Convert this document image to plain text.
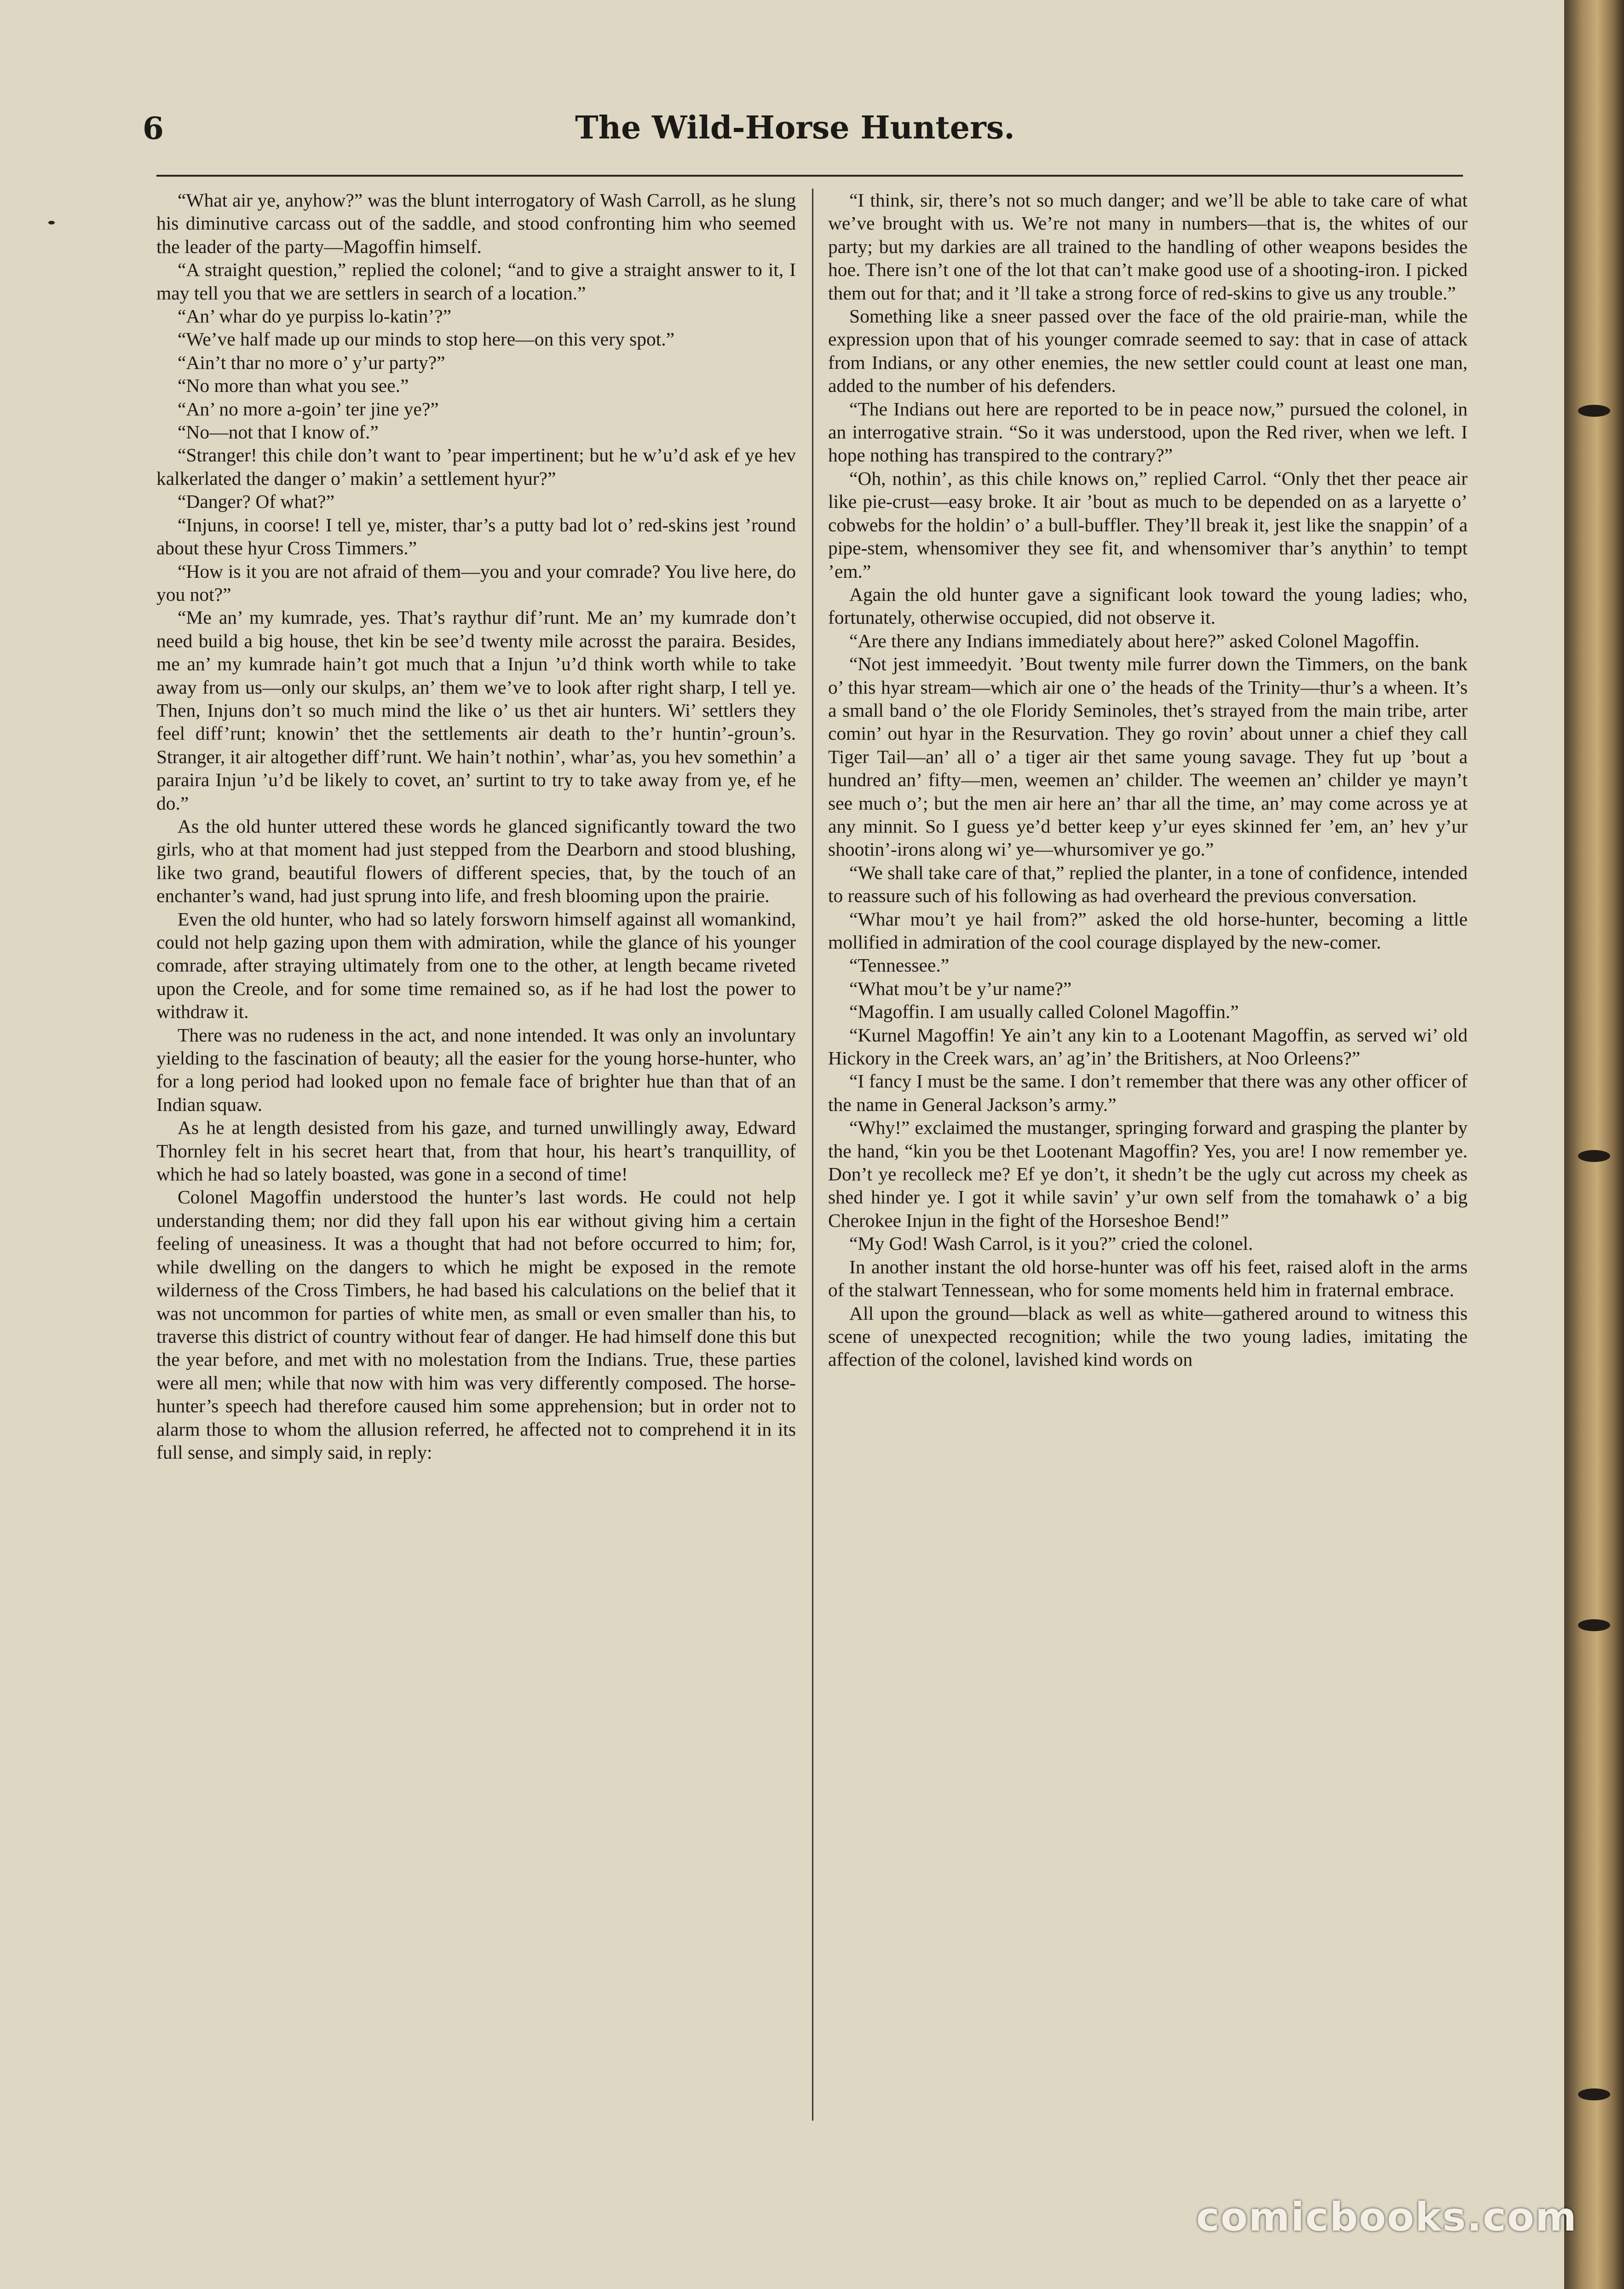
6	The Wild-Horse Hunters.

“What air ye, anyhow?” was the blunt interrogatory of Wash Carroll, as he slung his diminutive carcass out of the saddle, and stood confronting him who seemed the leader of the party—Magoffin himself.

“A straight question,” replied the colonel; “and to give a straight answer to it, I may tell you that we are settlers in search of a location.”

“An’ whar do ye purpiss lo-katin’?”

“We’ve half made up our minds to stop here—on this very spot.”

“Ain’t thar no more o’ y’ur party?”

“No more than what you see.”

“An’ no more a-goin’ ter jine ye?”

“No—not that I know of.”

“Stranger! this chile don’t want to ’pear impertinent; but he w’u’d ask ef ye hev kalkerlated the danger o’ makin’ a settlement hyur?”

“Danger? Of what?”

“Injuns, in coorse! I tell ye, mister, thar’s a putty bad lot o’ red-skins jest ’round about these hyur Cross Timmers.”

“How is it you are not afraid of them—you and your comrade? You live here, do you not?”

“Me an’ my kumrade, yes. That’s raythur dif’runt. Me an’ my kumrade don’t need build a big house, thet kin be see’d twenty mile acrosst the paraira. Besides, me an’ my kumrade hain’t got much that a Injun ’u’d think worth while to take away from us—only our skulps, an’ them we’ve to look after right sharp, I tell ye. Then, Injuns don’t so much mind the like o’ us thet air hunters. Wi’ settlers they feel diff’runt; knowin’ thet the settlements air death to the’r huntin’-groun’s. Stranger, it air altogether diff’runt. We hain’t nothin’, whar’as, you hev somethin’ a paraira Injun ’u’d be likely to covet, an’ surtint to try to take away from ye, ef he do.”

As the old hunter uttered these words he glanced significantly toward the two girls, who at that moment had just stepped from the Dearborn and stood blushing, like two grand, beautiful flowers of different species, that, by the touch of an enchanter’s wand, had just sprung into life, and fresh blooming upon the prairie.

Even the old hunter, who had so lately forsworn himself against all womankind, could not help gazing upon them with admiration, while the glance of his younger comrade, after straying ultimately from one to the other, at length became riveted upon the Creole, and for some time remained so, as if he had lost the power to withdraw it.

There was no rudeness in the act, and none intended. It was only an involuntary yielding to the fascination of beauty; all the easier for the young horse-hunter, who for a long period had looked upon no female face of brighter hue than that of an Indian squaw.

As he at length desisted from his gaze, and turned unwillingly away, Edward Thornley felt in his secret heart that, from that hour, his heart’s tranquillity, of which he had so lately boasted, was gone in a second of time!

Colonel Magoffin understood the hunter’s last words. He could not help understanding them; nor did they fall upon his ear without giving him a certain feeling of uneasiness. It was a thought that had not before occurred to him; for, while dwelling on the dangers to which he might be exposed in the remote wilderness of the Cross Timbers, he had based his calculations on the belief that it was not uncommon for parties of white men, as small or even smaller than his, to traverse this district of country without fear of danger. He had himself done this but the year before, and met with no molestation from the Indians. True, these parties were all men; while that now with him was very differently composed. The horse-hunter’s speech had therefore caused him some apprehension; but in order not to alarm those to whom the allusion referred, he affected not to comprehend it in its full sense, and simply said, in reply:

“I think, sir, there’s not so much danger; and we’ll be able to take care of what we’ve brought with us. We’re not many in numbers—that is, the whites of our party; but my darkies are all trained to the handling of other weapons besides the hoe. There isn’t one of the lot that can’t make good use of a shooting-iron. I picked them out for that; and it ’ll take a strong force of red-skins to give us any trouble.”

Something like a sneer passed over the face of the old prairie-man, while the expression upon that of his younger comrade seemed to say: that in case of attack from Indians, or any other enemies, the new settler could count at least one man, added to the number of his defenders.

“The Indians out here are reported to be in peace now,” pursued the colonel, in an interrogative strain. “So it was understood, upon the Red river, when we left. I hope nothing has transpired to the contrary?”

“Oh, nothin’, as this chile knows on,” replied Carrol. “Only thet ther peace air like pie-crust—easy broke. It air ’bout as much to be depended on as a laryette o’ cobwebs for the holdin’ o’ a bull-buffler. They’ll break it, jest like the snappin’ of a pipe-stem, whensomiver they see fit, and whensomiver thar’s anythin’ to tempt ’em.”

Again the old hunter gave a significant look toward the young ladies; who, fortunately, otherwise occupied, did not observe it.

“Are there any Indians immediately about here?” asked Colonel Magoffin.

“Not jest immeedyit. ’Bout twenty mile furrer down the Timmers, on the bank o’ this hyar stream—which air one o’ the heads of the Trinity—thur’s a wheen. It’s a small band o’ the ole Floridy Seminoles, thet’s strayed from the main tribe, arter comin’ out hyar in the Resurvation. They go rovin’ about unner a chief they call Tiger Tail—an’ all o’ a tiger air thet same young savage. They fut up ’bout a hundred an’ fifty—men, weemen an’ childer. The weemen an’ childer ye mayn’t see much o’; but the men air here an’ thar all the time, an’ may come across ye at any minnit. So I guess ye’d better keep y’ur eyes skinned fer ’em, an’ hev y’ur shootin’-irons along wi’ ye—whursomiver ye go.”

“We shall take care of that,” replied the planter, in a tone of confidence, intended to reassure such of his following as had overheard the previous conversation.

“Whar mou’t ye hail from?” asked the old horse-hunter, becoming a little mollified in admiration of the cool courage displayed by the new-comer.

“Tennessee.”

“What mou’t be y’ur name?”

“Magoffin. I am usually called Colonel Magoffin.”

“Kurnel Magoffin! Ye ain’t any kin to a Lootenant Magoffin, as served wi’ old Hickory in the Creek wars, an’ ag’in’ the Britishers, at Noo Orleens?”

“I fancy I must be the same. I don’t remember that there was any other officer of the name in General Jackson’s army.”

“Why!” exclaimed the mustanger, springing forward and grasping the planter by the hand, “kin you be thet Lootenant Magoffin? Yes, you are! I now remember ye. Don’t ye recolleck me? Ef ye don’t, it shedn’t be the ugly cut across my cheek as shed hinder ye. I got it while savin’ y’ur own self from the tomahawk o’ a big Cherokee Injun in the fight of the Horseshoe Bend!”

“My God! Wash Carrol, is it you?” cried the colonel.

In another instant the old horse-hunter was off his feet, raised aloft in the arms of the stalwart Tennessean, who for some moments held him in fraternal embrace.

All upon the ground—black as well as white—gathered around to witness this scene of unexpected recognition; while the two young ladies, imitating the affection of the colonel, lavished kind words on

comicbooks.com
